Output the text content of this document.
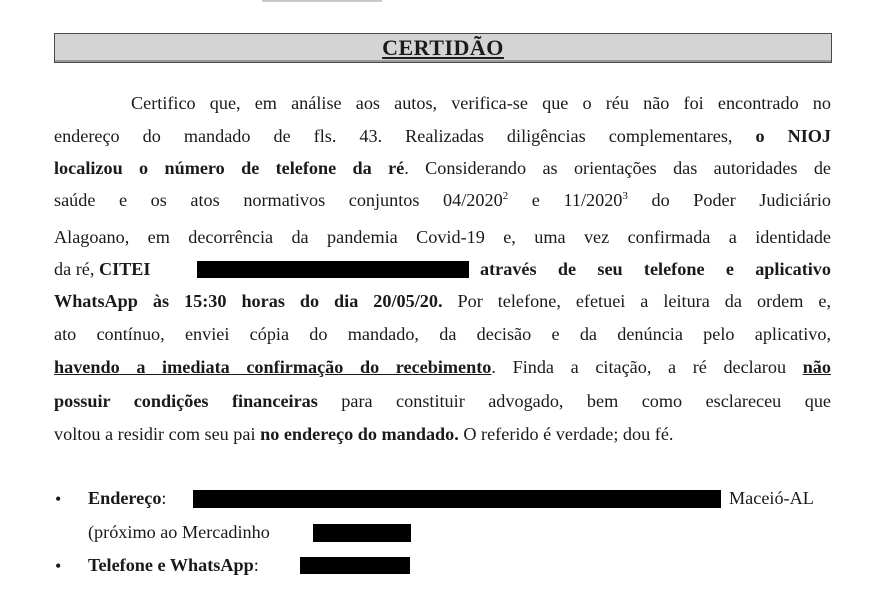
CERTIDÃO
Certifico que, em análise aos autos, verifica-se que o réu não foi encontrado no
endereço do mandado de fls. 43. Realizadas diligências complementares, o NIOJ
localizou o número de telefone da ré. Considerando as orientações das autoridades de
saúde e os atos normativos conjuntos 04/2020$^2$ e 11/2020$^3$ do Poder Judiciário
Alagoano, em decorrência da pandemia Covid-19 e, uma vez confirmada a identidade
da ré, CITEI	através de seu telefone e aplicativo
WhatsApp às 15:30 horas do dia 20/05/20. Por telefone, efetuei a leitura da ordem e,
ato contínuo, enviei cópia do mandado, da decisão e da denúncia pelo aplicativo,
havendo a imediata confirmação do recebimento. Finda a citação, a ré declarou não
possuir condições financeiras para constituir advogado, bem como esclareceu que
voltou a residir com seu pai no endereço do mandado. O referido é verdade; dou fé.
• Endereço:	Maceió-AL
(próximo ao Mercadinho
• Telefone e WhatsApp:
